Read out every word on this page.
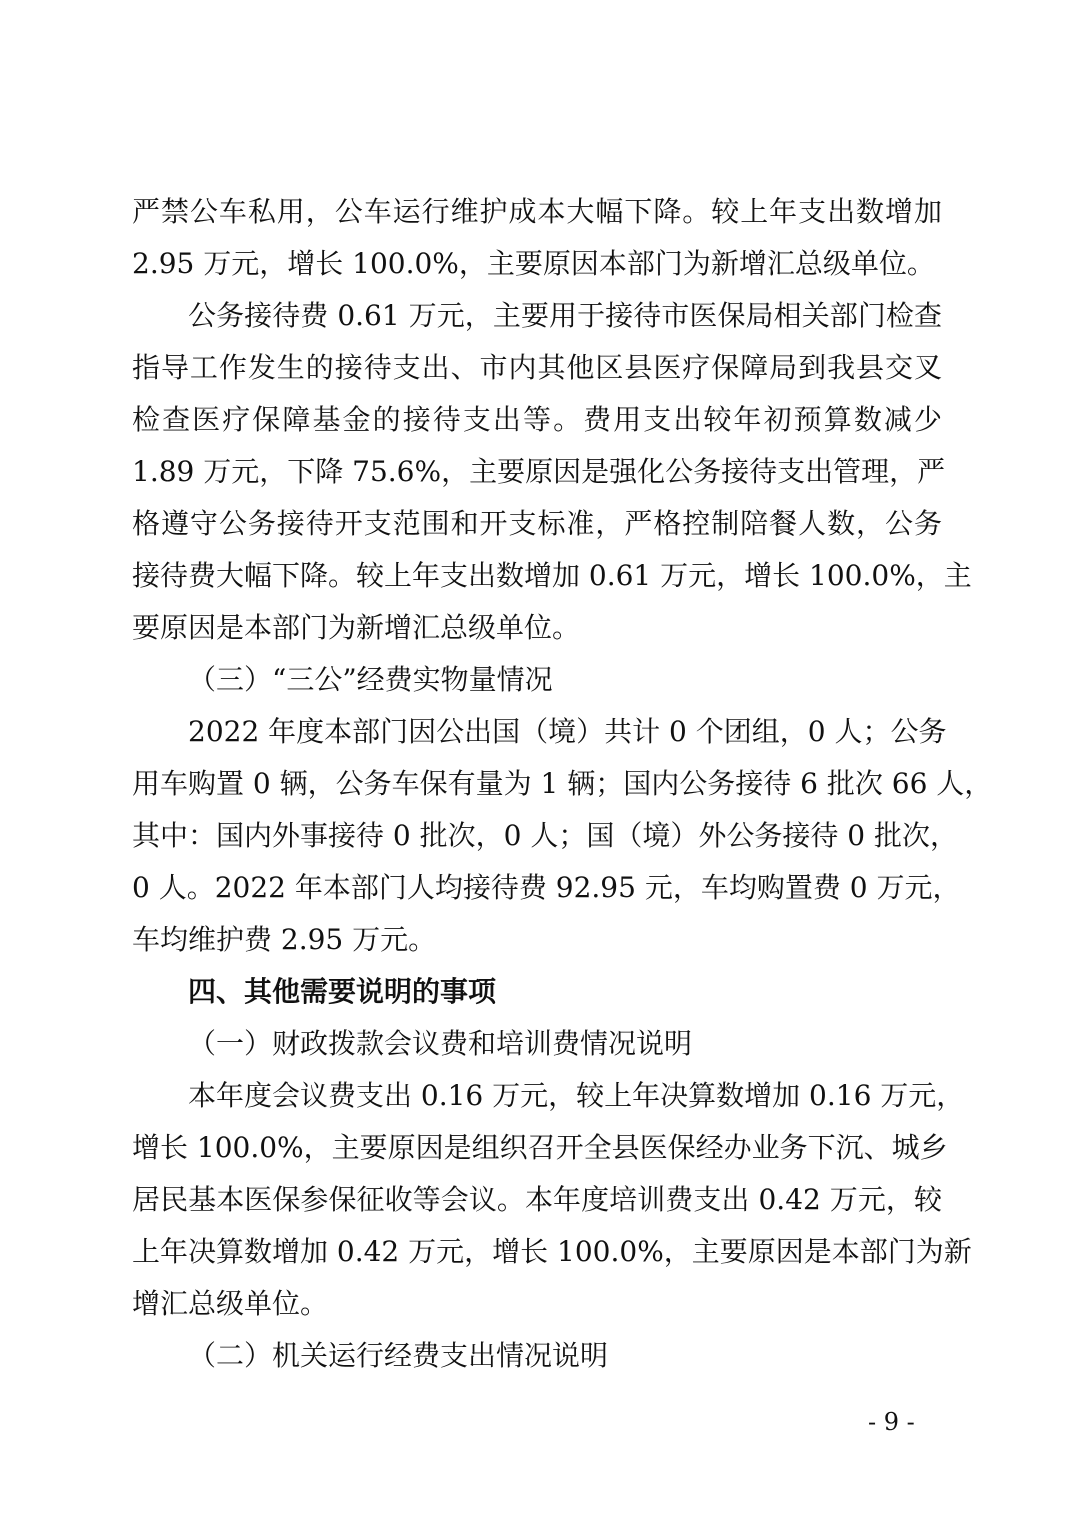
严禁公车私用，公车运行维护成本大幅下降。较上年支出数增加

2.95 万元，增长 100.0%，主要原因本部门为新增汇总级单位。

公务接待费 0.61 万元，主要用于接待市医保局相关部门检查

指导工作发生的接待支出、市内其他区县医疗保障局到我县交叉

检查医疗保障基金的接待支出等。费用支出较年初预算数减少

1.89 万元，下降 75.6%，主要原因是强化公务接待支出管理，严

格遵守公务接待开支范围和开支标准，严格控制陪餐人数，公务

接待费大幅下降。较上年支出数增加 0.61 万元，增长 100.0%，主

要原因是本部门为新增汇总级单位。

（三）“三公”经费实物量情况

2022 年度本部门因公出国（境）共计 0 个团组，0 人；公务

用车购置 0 辆，公务车保有量为 1 辆；国内公务接待 6 批次 66 人，

其中：国内外事接待 0 批次，0 人；国（境）外公务接待 0 批次，

0 人。2022 年本部门人均接待费 92.95 元，车均购置费 0 万元，

车均维护费 2.95 万元。

四、其他需要说明的事项

（一）财政拨款会议费和培训费情况说明

本年度会议费支出 0.16 万元，较上年决算数增加 0.16 万元，

增长 100.0%，主要原因是组织召开全县医保经办业务下沉、城乡

居民基本医保参保征收等会议。本年度培训费支出 0.42 万元，较

上年决算数增加 0.42 万元，增长 100.0%，主要原因是本部门为新

增汇总级单位。

（二）机关运行经费支出情况说明

- 9 -
